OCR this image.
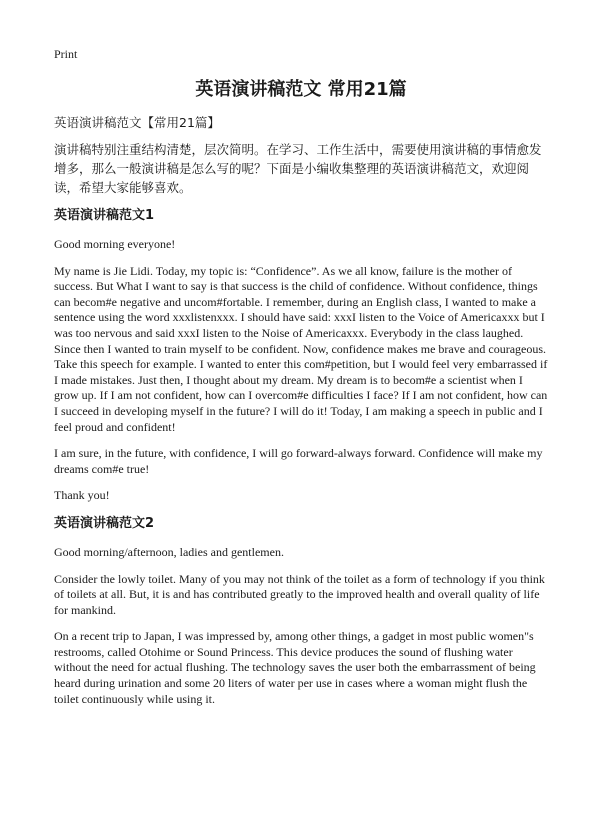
Print
英语演讲稿范文 常用21篇
英语演讲稿范文【常用21篇】

演讲稿特别注重结构清楚，层次简明。在学习、工作生活中，需要使用演讲稿的事情愈发增多，那么一般演讲稿是怎么写的呢？下面是小编收集整理的英语演讲稿范文，欢迎阅读，希望大家能够喜欢。

英语演讲稿范文1

Good morning everyone!

My name is Jie Lidi. Today, my topic is: “Confidence”. As we all know, failure is the mother of success. But What I want to say is that success is the child of confidence. Without confidence, things can becom#e negative and uncom#fortable. I remember, during an English class, I wanted to make a sentence using the word xxxlistenxxx. I should have said: xxxI listen to the Voice of Americaxxx but I was too nervous and said xxxI listen to the Noise of Americaxxx. Everybody in the class laughed. Since then I wanted to train myself to be confident. Now, confidence makes me brave and courageous. Take this speech for example. I wanted to enter this com#petition, but I would feel very embarrassed if I made mistakes. Just then, I thought about my dream. My dream is to becom#e a scientist when I grow up. If I am not confident, how can I overcom#e difficulties I face? If I am not confident, how can I succeed in developing myself in the future? I will do it! Today, I am making a speech in public and I feel proud and confident!

I am sure, in the future, with confidence, I will go forward-always forward. Confidence will make my dreams com#e true!

Thank you!

英语演讲稿范文2

Good morning/afternoon, ladies and gentlemen.

Consider the lowly toilet. Many of you may not think of the toilet as a form of technology if you think of toilets at all. But, it is and has contributed greatly to the improved health and overall quality of life for mankind.

On a recent trip to Japan, I was impressed by, among other things, a gadget in most public women"s restrooms, called Otohime or Sound Princess. This device produces the sound of flushing water without the need for actual flushing. The technology saves the user both the embarrassment of being heard during urination and some 20 liters of water per use in cases where a woman might flush the toilet continuously while using it.
